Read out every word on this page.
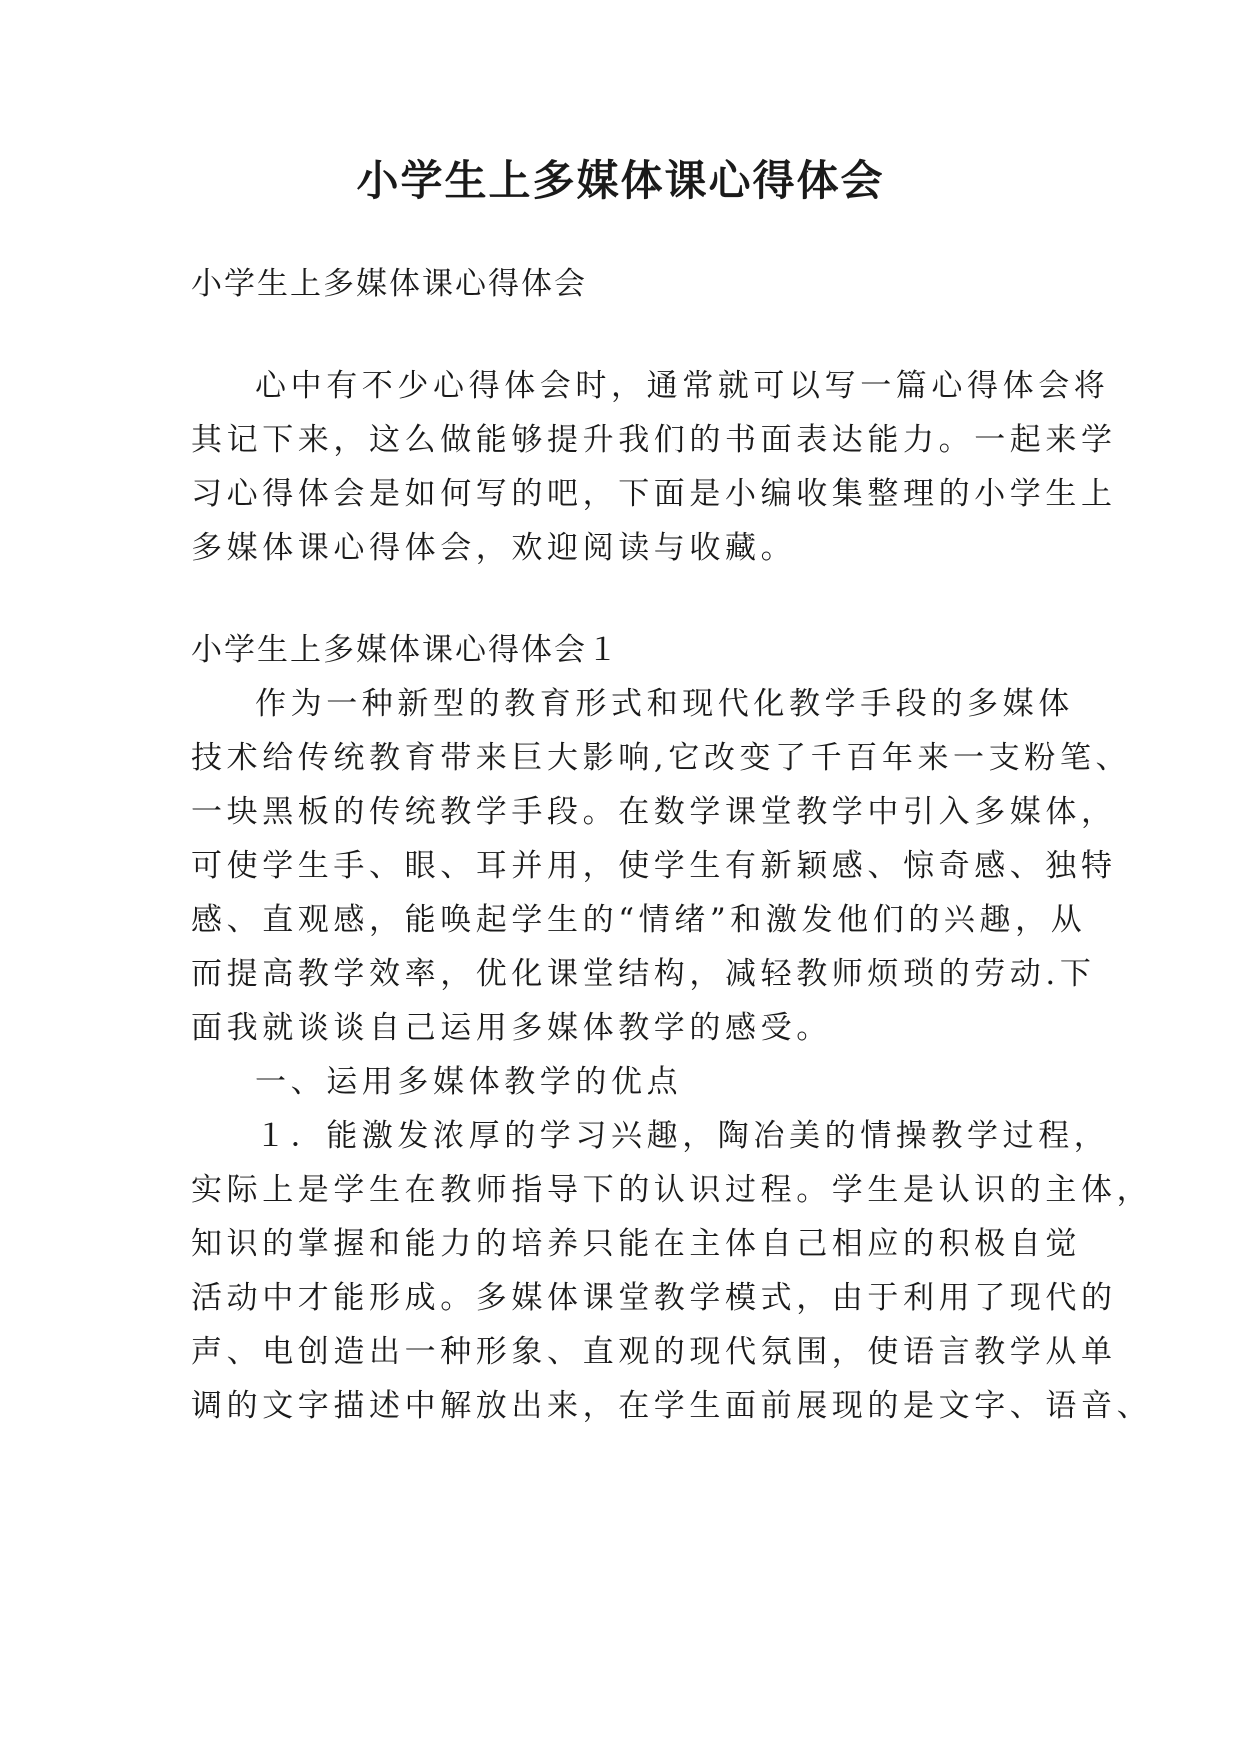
小学生上多媒体课心得体会
小学生上多媒体课心得体会
心中有不少心得体会时，通常就可以写一篇心得体会将
其记下来，这么做能够提升我们的书面表达能力。一起来学
习心得体会是如何写的吧，下面是小编收集整理的小学生上
多媒体课心得体会，欢迎阅读与收藏。
小学生上多媒体课心得体会１
作为一种新型的教育形式和现代化教学手段的多媒体
技术给传统教育带来巨大影响,它改变了千百年来一支粉笔、
一块黑板的传统教学手段。在数学课堂教学中引入多媒体，
可使学生手、眼、耳并用，使学生有新颖感、惊奇感、独特
感、直观感，能唤起学生的“情绪”和激发他们的兴趣，从
而提高教学效率，优化课堂结构，减轻教师烦琐的劳动.下
面我就谈谈自己运用多媒体教学的感受。
一、运用多媒体教学的优点
１．能激发浓厚的学习兴趣，陶冶美的情操教学过程，
实际上是学生在教师指导下的认识过程。学生是认识的主体，
知识的掌握和能力的培养只能在主体自己相应的积极自觉
活动中才能形成。多媒体课堂教学模式，由于利用了现代的
声、电创造出一种形象、直观的现代氛围，使语言教学从单
调的文字描述中解放出来，在学生面前展现的是文字、语音、
